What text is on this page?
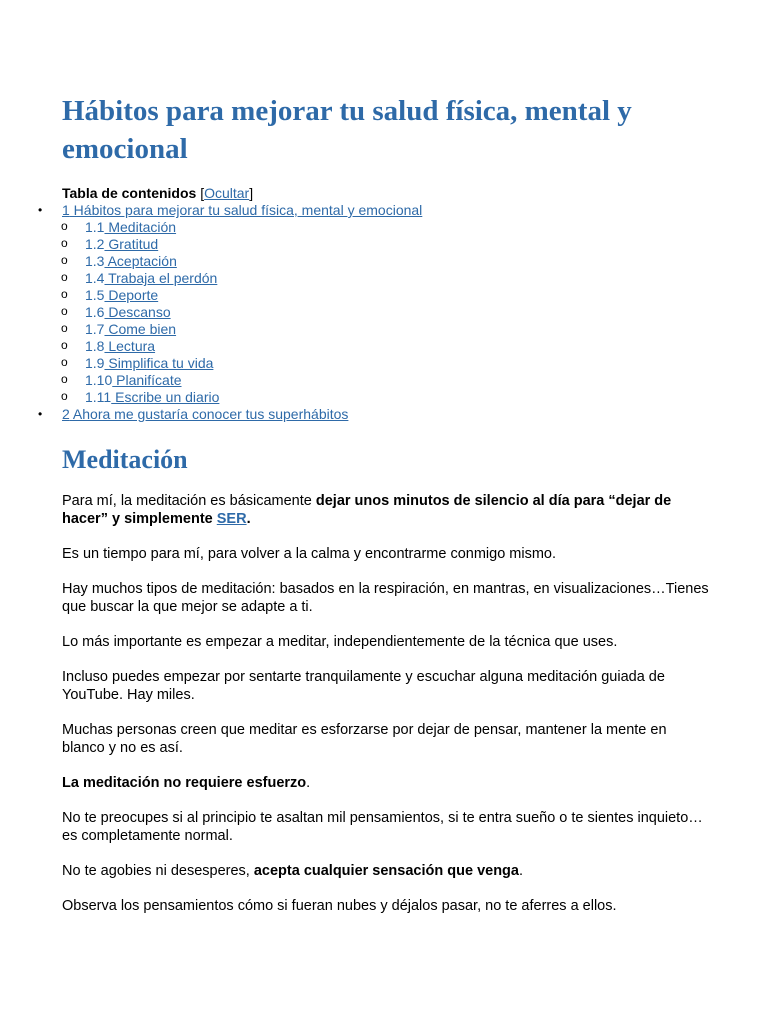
Hábitos para mejorar tu salud física, mental y emocional

Tabla de contenidos [Ocultar]

• 1 Hábitos para mejorar tu salud física, mental y emocional
o 1.1 Meditación
o 1.2 Gratitud
o 1.3 Aceptación
o 1.4 Trabaja el perdón
o 1.5 Deporte
o 1.6 Descanso
o 1.7 Come bien
o 1.8 Lectura
o 1.9 Simplifica tu vida
o 1.10 Planifícate
o 1.11 Escribe un diario
• 2 Ahora me gustaría conocer tus superhábitos
Meditación

Para mí, la meditación es básicamente dejar unos minutos de silencio al día para “dejar de hacer” y simplemente SER.

Es un tiempo para mí, para volver a la calma y encontrarme conmigo mismo.

Hay muchos tipos de meditación: basados en la respiración, en mantras, en visualizaciones…Tienes que buscar la que mejor se adapte a ti.

Lo más importante es empezar a meditar, independientemente de la técnica que uses.

Incluso puedes empezar por sentarte tranquilamente y escuchar alguna meditación guiada de YouTube. Hay miles.

Muchas personas creen que meditar es esforzarse por dejar de pensar, mantener la mente en blanco y no es así.

La meditación no requiere esfuerzo.

No te preocupes si al principio te asaltan mil pensamientos, si te entra sueño o te sientes inquieto…es completamente normal.

No te agobies ni desesperes, acepta cualquier sensación que venga.

Observa los pensamientos cómo si fueran nubes y déjalos pasar, no te aferres a ellos.
